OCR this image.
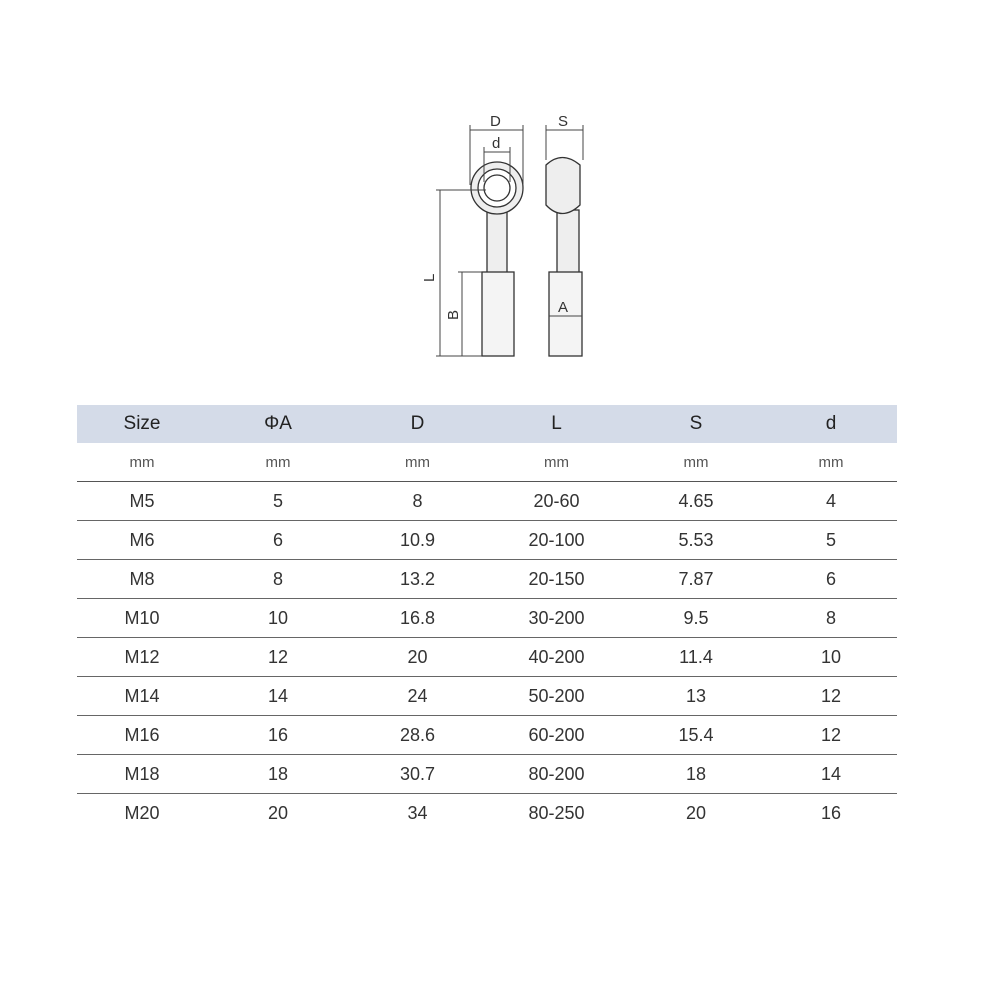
D
d
S
L
B	A
Size	ΦA	D	L	S	d
mm	mm	mm	mm	mm	mm
M5	5	8	20-60	4.65	4
M6	6	10.9	20-100	5.53	5
M8	8	13.2	20-150	7.87	6
M10	10	16.8	30-200	9.5	8
M12	12	20	40-200	11.4	10
M14	14	24	50-200	13	12
M16	16	28.6	60-200	15.4	12
M18	18	30.7	80-200	18	14
M20	20	34	80-250	20	16
